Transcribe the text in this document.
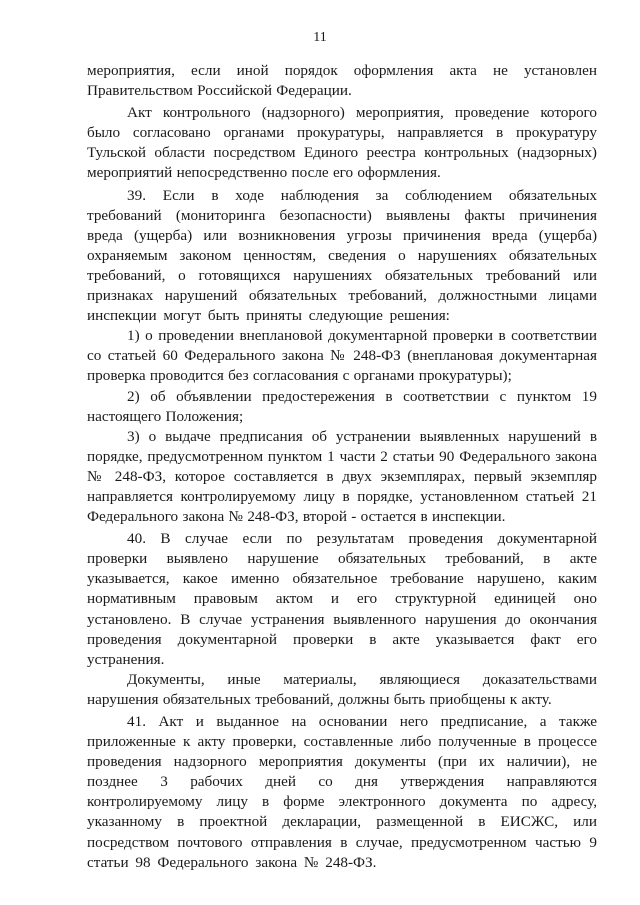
11

мероприятия, если иной порядок оформления акта не установлен Правительством Российской Федерации.

Акт контрольного (надзорного) мероприятия, проведение которого было согласовано органами прокуратуры, направляется в прокуратуру Тульской области посредством Единого реестра контрольных (надзорных) мероприятий непосредственно после его оформления.

39. Если в ходе наблюдения за соблюдением обязательных требований (мониторинга безопасности) выявлены факты причинения вреда (ущерба) или возникновения угрозы причинения вреда (ущерба) охраняемым законом ценностям, сведения о нарушениях обязательных требований, о готовящихся нарушениях обязательных требований или признаках нарушений обязательных требований, должностными лицами инспекции могут быть приняты следующие решения:

1) о проведении внеплановой документарной проверки в соответствии со статьей 60 Федерального закона № 248-ФЗ (внеплановая документарная проверка проводится без согласования с органами прокуратуры);

2) об объявлении предостережения в соответствии с пунктом 19 настоящего Положения;

3) о выдаче предписания об устранении выявленных нарушений в порядке, предусмотренном пунктом 1 части 2 статьи 90 Федерального закона № 248-ФЗ, которое составляется в двух экземплярах, первый экземпляр направляется контролируемому лицу в порядке, установленном статьей 21 Федерального закона № 248-ФЗ, второй - остается в инспекции.

40. В случае если по результатам проведения документарной проверки выявлено нарушение обязательных требований, в акте указывается, какое именно обязательное требование нарушено, каким нормативным правовым актом и его структурной единицей оно установлено. В случае устранения выявленного нарушения до окончания проведения документарной проверки в акте указывается факт его устранения.

Документы, иные материалы, являющиеся доказательствами нарушения обязательных требований, должны быть приобщены к акту.

41. Акт и выданное на основании него предписание, а также приложенные к акту проверки, составленные либо полученные в процессе проведения надзорного мероприятия документы (при их наличии), не позднее 3 рабочих дней со дня утверждения направляются контролируемому лицу в форме электронного документа по адресу, указанному в проектной декларации, размещенной в ЕИСЖС, или посредством почтового отправления в случае, предусмотренном частью 9 статьи 98 Федерального закона № 248-ФЗ.
